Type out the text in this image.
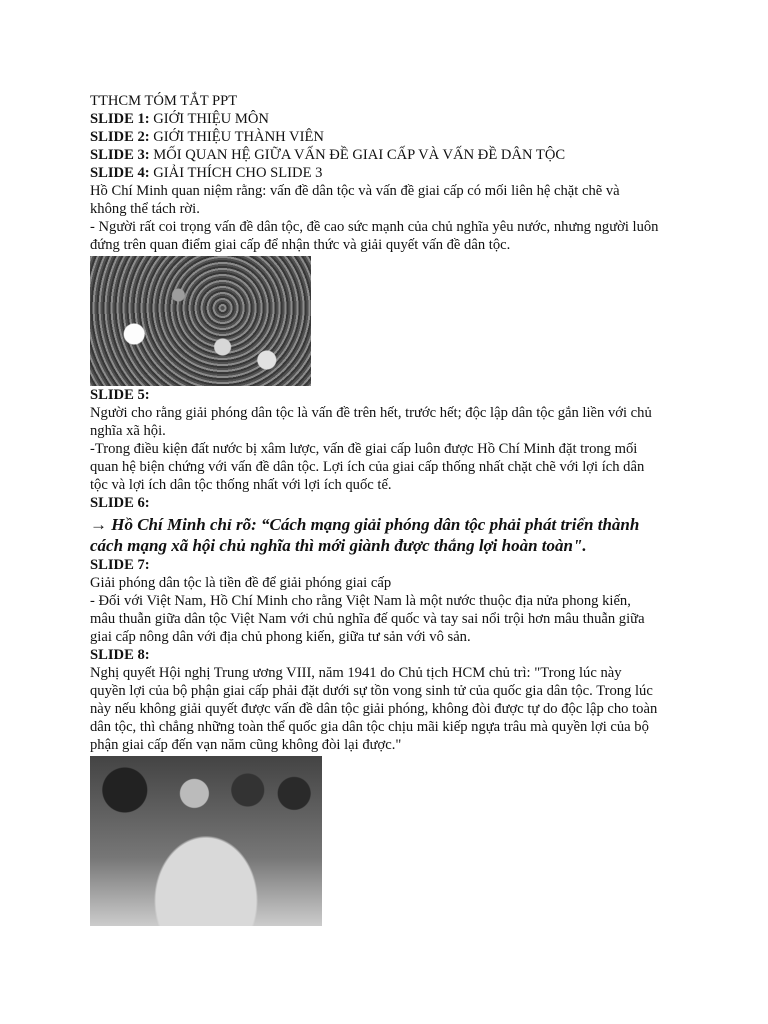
TTHCM TÓM TẮT PPT
SLIDE 1: GIỚI THIỆU MÔN
SLIDE 2: GIỚI THIỆU THÀNH VIÊN
SLIDE 3: MỐI QUAN HỆ GIỮA VẤN ĐỀ GIAI CẤP VÀ VẤN ĐỀ DÂN TỘC
SLIDE 4: GIẢI THÍCH CHO SLIDE 3
Hồ Chí Minh quan niệm rằng: vấn đề dân tộc và vấn đề giai cấp có mối liên hệ chặt chẽ và
không thể tách rời.
- Người rất coi trọng vấn đề dân tộc, đề cao sức mạnh của chủ nghĩa yêu nước, nhưng người luôn
đứng trên quan điểm giai cấp để nhận thức và giải quyết vấn đề dân tộc.
SLIDE 5:
Người cho rằng giải phóng dân tộc là vấn đề trên hết, trước hết; độc lập dân tộc gắn liền với chủ
nghĩa xã hội.
-Trong điều kiện đất nước bị xâm lược, vấn đề giai cấp luôn được Hồ Chí Minh đặt trong mối
quan hệ biện chứng với vấn đề dân tộc. Lợi ích của giai cấp thống nhất chặt chẽ với lợi ích dân
tộc và lợi ích dân tộc thống nhất với lợi ích quốc tế.
SLIDE 6:
→ Hồ Chí Minh chỉ rõ: “Cách mạng giải phóng dân tộc phải phát triển thành
cách mạng xã hội chủ nghĩa thì mới giành được thắng lợi hoàn toàn".
SLIDE 7:
Giải phóng dân tộc là tiền đề để giải phóng giai cấp
- Đối với Việt Nam, Hồ Chí Minh cho rằng Việt Nam là một nước thuộc địa nửa phong kiến,
mâu thuẫn giữa dân tộc Việt Nam với chủ nghĩa đế quốc và tay sai nổi trội hơn mâu thuẫn giữa
giai cấp nông dân với địa chủ phong kiến, giữa tư sản với vô sản.
SLIDE 8:
Nghị quyết Hội nghị Trung ương VIII, năm 1941 do Chủ tịch HCM chủ trì: "Trong lúc này
quyền lợi của bộ phận giai cấp phải đặt dưới sự tồn vong sinh tử của quốc gia dân tộc. Trong lúc
này nếu không giải quyết được vấn đề dân tộc giải phóng, không đòi được tự do độc lập cho toàn
dân tộc, thì chẳng những toàn thể quốc gia dân tộc chịu mãi kiếp ngựa trâu mà quyền lợi của bộ
phận giai cấp đến vạn năm cũng không đòi lại được."
